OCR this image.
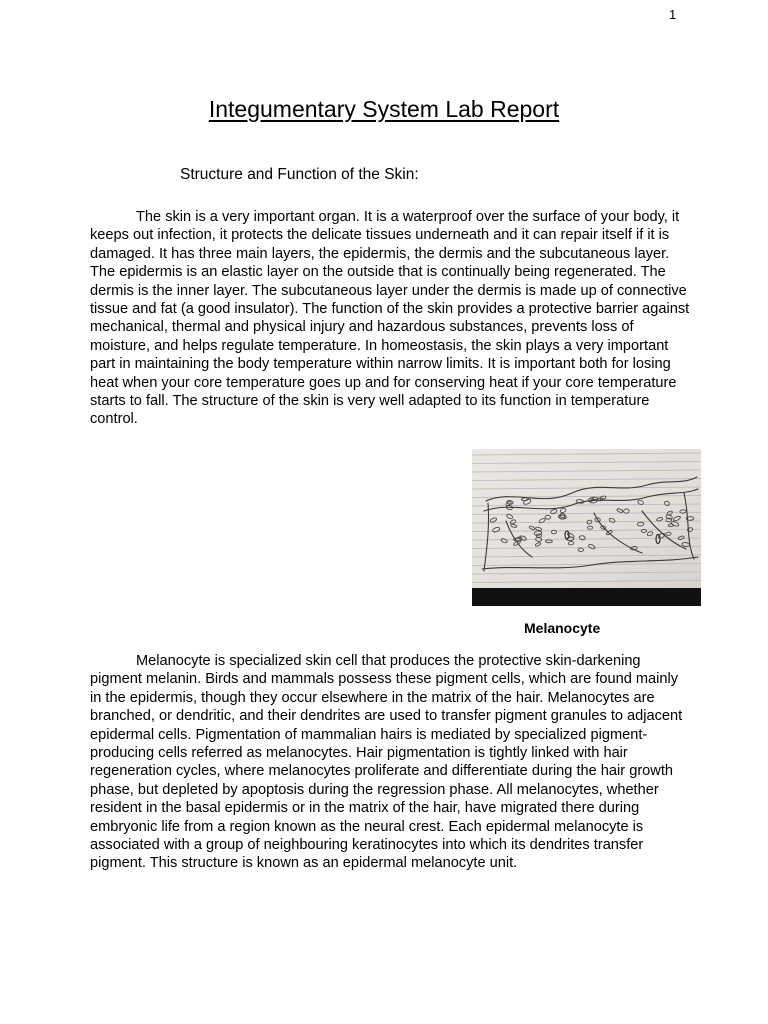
1
Integumentary System Lab Report
Structure and Function of the Skin:

The skin is a very important organ. It is a waterproof over the surface of your body, it keeps out infection, it protects the delicate tissues underneath and it can repair itself if it is damaged. It has three main layers, the epidermis, the dermis and the subcutaneous layer. The epidermis is an elastic layer on the outside that is continually being regenerated. The dermis is the inner layer. The subcutaneous layer under the dermis is made up of connective tissue and fat (a good insulator). The function of the skin provides a protective barrier against mechanical, thermal and physical injury and hazardous substances, prevents loss of moisture, and helps regulate temperature. In homeostasis, the skin plays a very important part in maintaining the body temperature within narrow limits. It is important both for losing heat when your core temperature goes up and for conserving heat if your core temperature starts to fall. The structure of the skin is very well adapted to its function in temperature control.

Melanocyte

Melanocyte is specialized skin cell that produces the protective skin-darkening pigment melanin. Birds and mammals possess these pigment cells, which are found mainly in the epidermis, though they occur elsewhere in the matrix of the hair. Melanocytes are branched, or dendritic, and their dendrites are used to transfer pigment granules to adjacent epidermal cells. Pigmentation of mammalian hairs is mediated by specialized pigment-producing cells referred as melanocytes. Hair pigmentation is tightly linked with hair regeneration cycles, where melanocytes proliferate and differentiate during the hair growth phase, but depleted by apoptosis during the regression phase. All melanocytes, whether resident in the basal epidermis or in the matrix of the hair, have migrated there during embryonic life from a region known as the neural crest. Each epidermal melanocyte is associated with a group of neighbouring keratinocytes into which its dendrites transfer pigment. This structure is known as an epidermal melanocyte unit.
